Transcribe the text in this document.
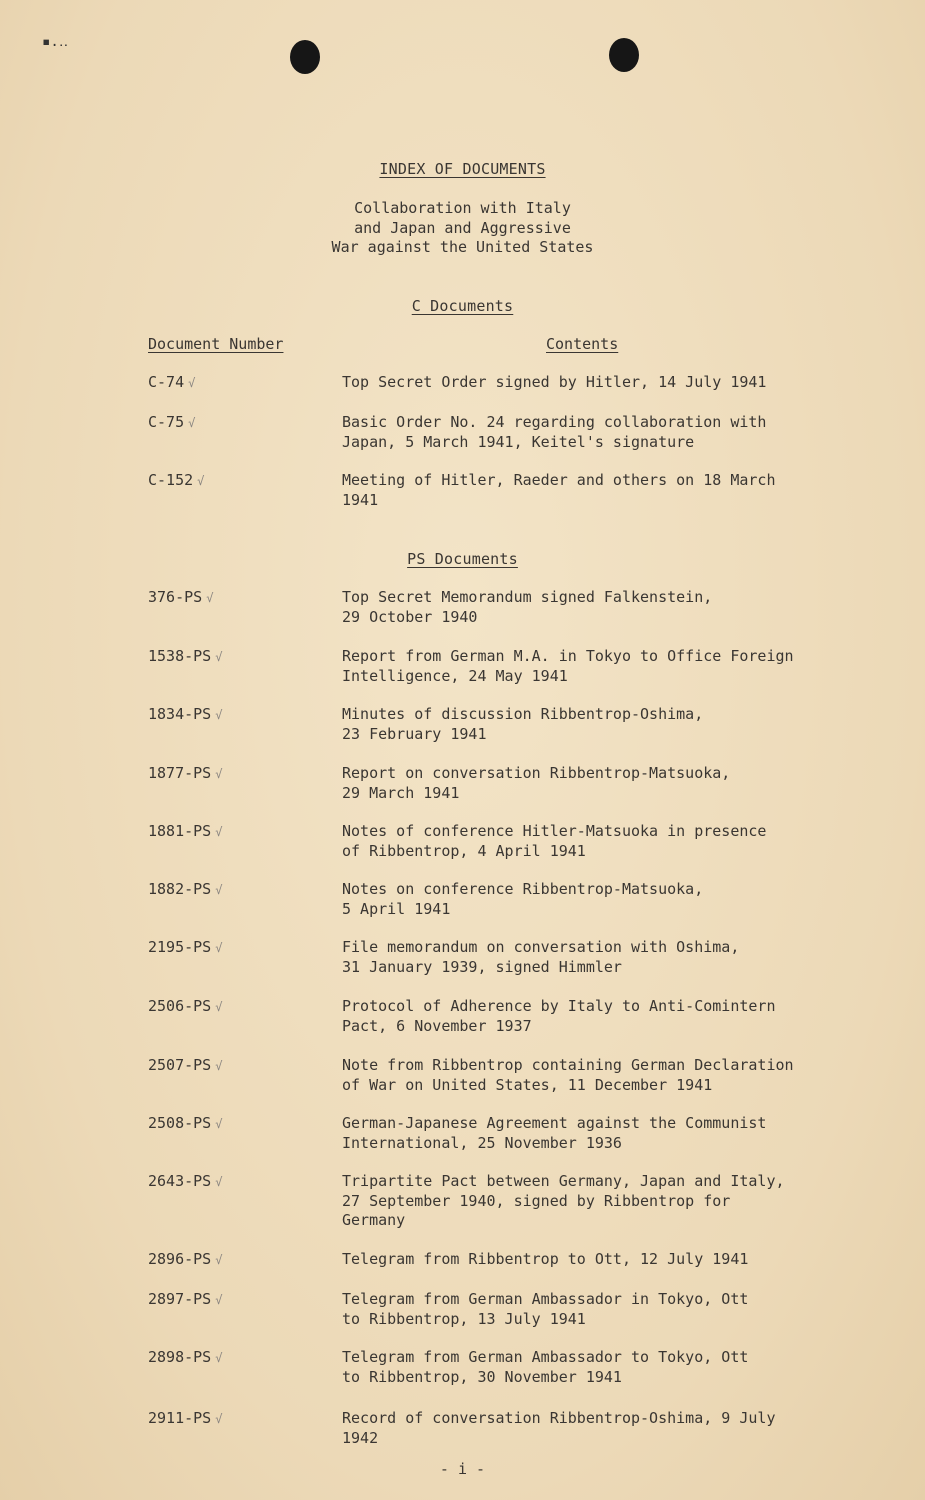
▪.‥
INDEX OF DOCUMENTS
Collaboration with Italy
and Japan and Aggressive
War against the United States
C Documents
Document Number	Contents
C-74 √	Top Secret Order signed by Hitler, 14 July 1941
C-75 √	Basic Order No. 24 regarding collaboration with
Japan, 5 March 1941, Keitel's signature
C-152 √	Meeting of Hitler, Raeder and others on 18 March
1941
PS Documents
376-PS √	Top Secret Memorandum signed Falkenstein,
29 October 1940
1538-PS √	Report from German M.A. in Tokyo to Office Foreign
Intelligence, 24 May 1941
1834-PS √	Minutes of discussion Ribbentrop-Oshima,
23 February 1941
1877-PS √	Report on conversation Ribbentrop-Matsuoka,
29 March 1941
1881-PS √	Notes of conference Hitler-Matsuoka in presence
of Ribbentrop, 4 April 1941
1882-PS √	Notes on conference Ribbentrop-Matsuoka,
5 April 1941
2195-PS √	File memorandum on conversation with Oshima,
31 January 1939, signed Himmler
2506-PS √	Protocol of Adherence by Italy to Anti-Comintern
Pact, 6 November 1937
2507-PS √	Note from Ribbentrop containing German Declaration
of War on United States, 11 December 1941
2508-PS √	German-Japanese Agreement against the Communist
International, 25 November 1936
2643-PS √	Tripartite Pact between Germany, Japan and Italy,
27 September 1940, signed by Ribbentrop for
Germany
2896-PS √	Telegram from Ribbentrop to Ott, 12 July 1941
2897-PS √	Telegram from German Ambassador in Tokyo, Ott
to Ribbentrop, 13 July 1941
2898-PS √	Telegram from German Ambassador to Tokyo, Ott
to Ribbentrop, 30 November 1941
2911-PS √	Record of conversation Ribbentrop-Oshima, 9 July
1942
- i -
